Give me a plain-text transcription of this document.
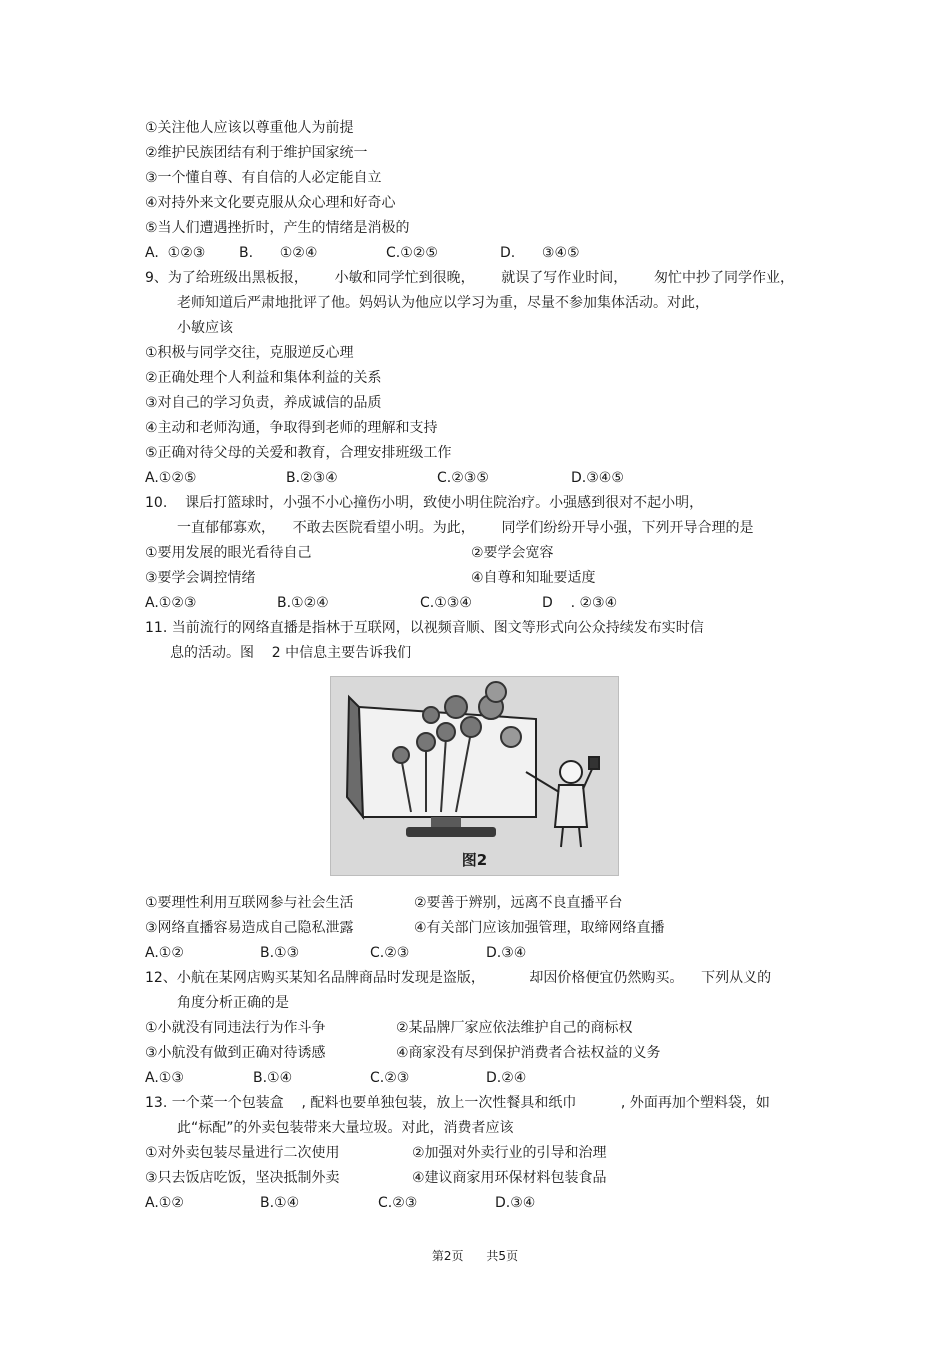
①关注他人应该以尊重他人为前提
②维护民族团结有利于维护国家统一
③一个懂自尊、有自信的人必定能自立
④对持外来文化要克服从众心理和好奇心
⑤当人们遭遇挫折时，产生的情绪是消极的
A.  ①②③ B.      ①②④	C.①②⑤	D.      ③④⑤
9、为了给班级出黑板报，      小敏和同学忙到很晚，      就误了写作业时间，      匆忙中抄了同学作业，
老师知道后严肃地批评了他。妈妈认为他应以学习为重，尽量不参加集体活动。对此，
小敏应该
①积极与同学交往，克服逆反心理
②正确处理个人利益和集体利益的关系
③对自己的学习负责，养成诚信的品质
④主动和老师沟通，争取得到老师的理解和支持
⑤正确对待父母的关爱和教育，合理安排班级工作
A.①②⑤	B.②③④	C.②③⑤	D.③④⑤
10.    课后打篮球时，小强不小心撞伤小明，致使小明住院治疗。小强感到很对不起小明，
一直郁郁寡欢，    不敢去医院看望小明。为此，      同学们纷纷开导小强，下列开导合理的是
①要用发展的眼光看待自己	②要学会宽容
③要学会调控情绪	④自尊和知耻要适度
A.①②③	B.①②④	C.①③④	D    . ②③④
11. 当前流行的网络直播是指林于互联网，以视频音顺、图文等形式向公众持续发布实时信
息的活动。图    2 中信息主要告诉我们
图2
①要理性利用互联网参与社会生活	②要善于辨别，远离不良直播平台
③网络直播容易造成自己隐私泄露	④有关部门应该加强管理，取缔网络直播
A.①②	B.①③	C.②③	D.③④
12、小航在某网店购买某知名品牌商品时发现是盗版，          却因价格便宜仍然购买。    下列从义的
角度分析正确的是
①小就没有同违法行为作斗争	②某品牌厂家应依法维护自己的商标权
③小航没有做到正确对待诱感	④商家没有尽到保护消费者合祛权益的义务
A.①③	B.①④	C.②③	D.②④
13. 一个菜一个包装盒    , 配料也要单独包装，放上一次性餐具和纸巾          , 外面再加个塑料袋，如
此“标配”的外卖包装带来大量垃圾。对此，消费者应该
①对外卖包装尽量进行二次使用	②加强对外卖行业的引导和治理
③只去饭店吃饭，坚决抵制外卖	④建议商家用环保材料包装食品
A.①②	B.①④	C.②③	D.③④
第2页      共5页
